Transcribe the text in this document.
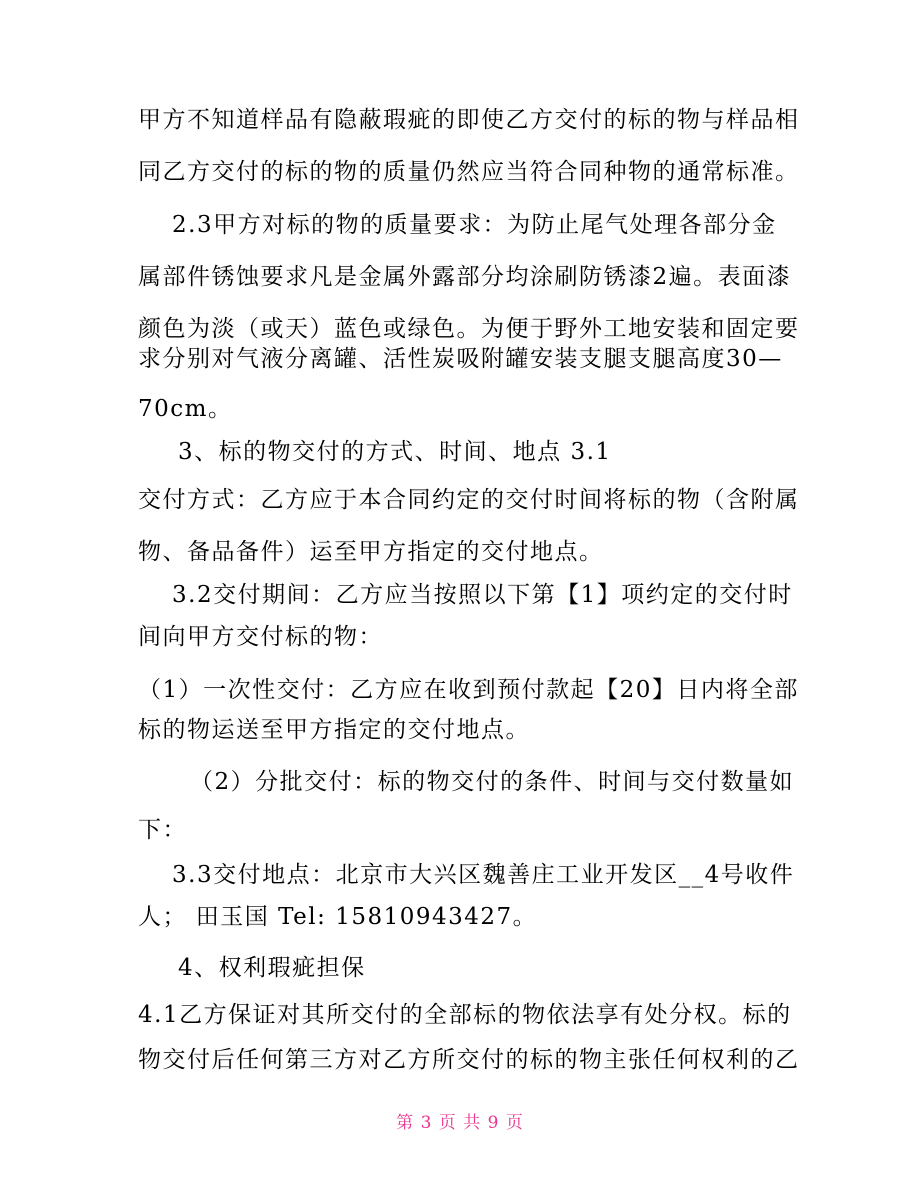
甲方不知道样品有隐蔽瑕疵的即使乙方交付的标的物与样品相
同乙方交付的标的物的质量仍然应当符合同种物的通常标准。
2.3甲方对标的物的质量要求：为防止尾气处理各部分金
属部件锈蚀要求凡是金属外露部分均涂刷防锈漆2遍。表面漆
颜色为淡（或天）蓝色或绿色。为便于野外工地安装和固定要
求分别对气液分离罐、活性炭吸附罐安装支腿支腿高度30—
70cm。
3、标的物交付的方式、时间、地点 3.1
交付方式：乙方应于本合同约定的交付时间将标的物（含附属
物、备品备件）运至甲方指定的交付地点。
3.2交付期间：乙方应当按照以下第【1】项约定的交付时
间向甲方交付标的物：
（1）一次性交付：乙方应在收到预付款起【20】日内将全部
标的物运送至甲方指定的交付地点。
（2）分批交付：标的物交付的条件、时间与交付数量如
下：
3.3交付地点：北京市大兴区魏善庄工业开发区__4号收件
人； 田玉国 Tel: 15810943427。
4、权利瑕疵担保
4.1乙方保证对其所交付的全部标的物依法享有处分权。标的
物交付后任何第三方对乙方所交付的标的物主张任何权利的乙
第 3 页 共 9 页
